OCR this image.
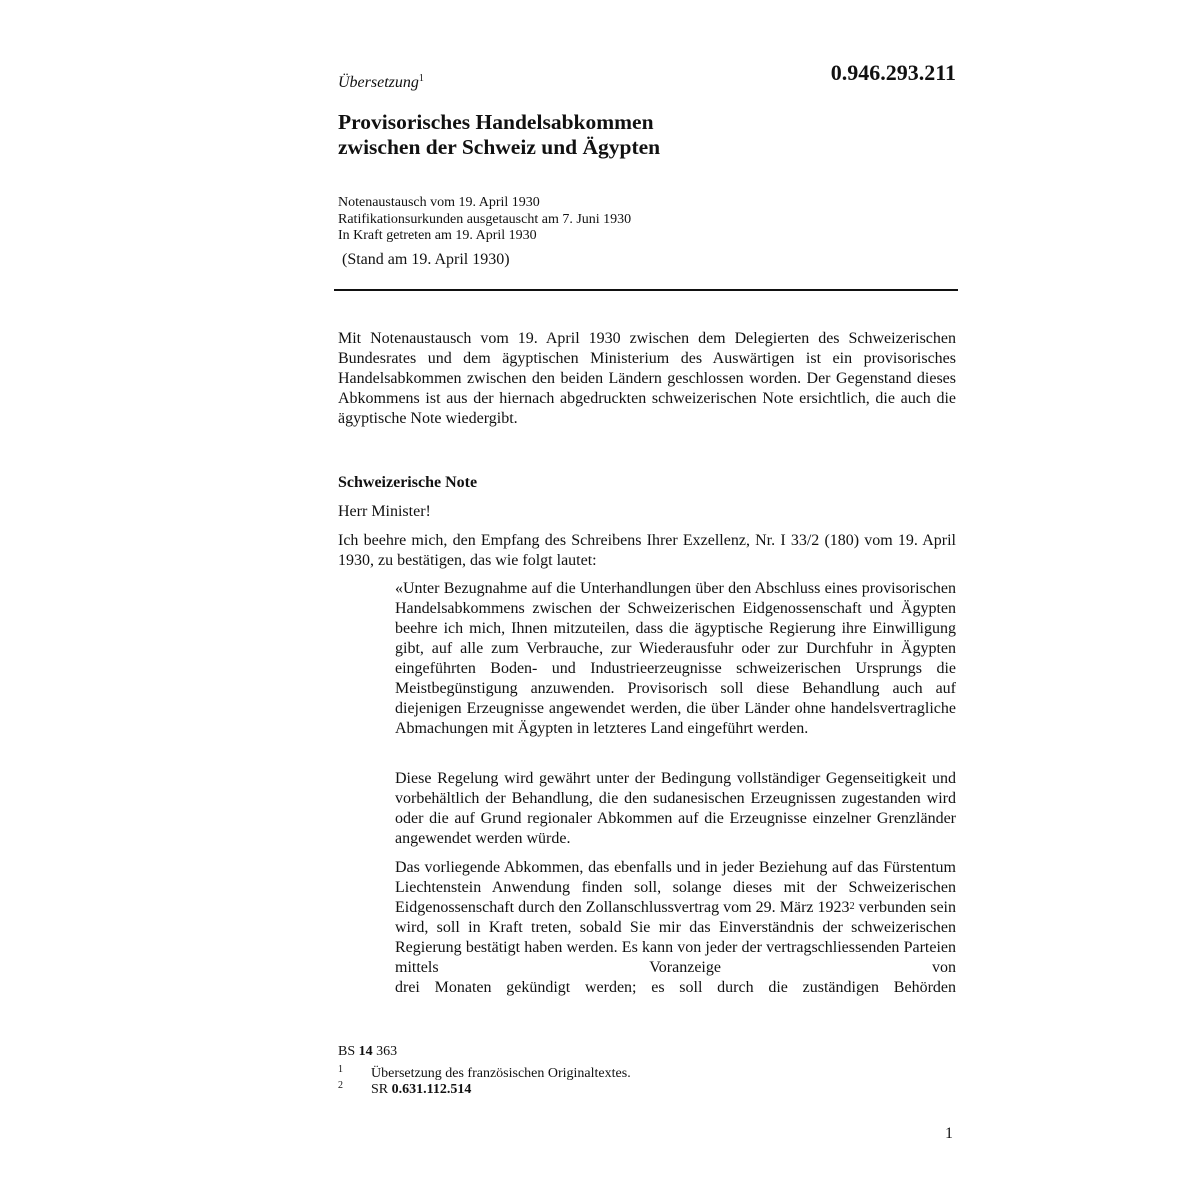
Übersetzung$^1$	0.946.293.211
Provisorisches Handelsabkommen
zwischen der Schweiz und Ägypten
Notenaustausch vom 19. April 1930
Ratifikationsurkunden ausgetauscht am 7. Juni 1930
In Kraft getreten am 19. April 1930
(Stand am 19. April 1930)
Mit Notenaustausch vom 19. April 1930 zwischen dem Delegierten des Schweizerischen Bundesrates und dem ägyptischen Ministerium des Auswärtigen ist ein provisorisches Handelsabkommen zwischen den beiden Ländern geschlossen worden. Der Gegenstand dieses Abkommens ist aus der hiernach abgedruckten schweizerischen Note ersichtlich, die auch die ägyptische Note wiedergibt.
Schweizerische Note
Herr Minister!
Ich beehre mich, den Empfang des Schreibens Ihrer Exzellenz, Nr. I 33/2 (180) vom 19. April 1930, zu bestätigen, das wie folgt lautet:
«Unter Bezugnahme auf die Unterhandlungen über den Abschluss eines provisorischen Handelsabkommens zwischen der Schweizerischen Eidgenossenschaft und Ägypten beehre ich mich, Ihnen mitzuteilen, dass die ägyptische Regierung ihre Einwilligung gibt, auf alle zum Verbrauche, zur Wiederausfuhr oder zur Durchfuhr in Ägypten eingeführten Boden- und Industrieerzeugnisse schweizerischen Ursprungs die Meistbegünstigung anzuwenden. Provisorisch soll diese Behandlung auch auf diejenigen Erzeugnisse angewendet werden, die über Länder ohne handelsvertragliche Abmachungen mit Ägypten in letzteres Land eingeführt werden.
Diese Regelung wird gewährt unter der Bedingung vollständiger Gegenseitigkeit und vorbehältlich der Behandlung, die den sudanesischen Erzeugnissen zugestanden wird oder die auf Grund regionaler Abkommen auf die Erzeugnisse einzelner Grenzländer angewendet werden würde.
Das vorliegende Abkommen, das ebenfalls und in jeder Beziehung auf das Fürstentum Liechtenstein Anwendung finden soll, solange dieses mit der Schweizerischen Eidgenossenschaft durch den Zollanschlussvertrag vom 29. März 1923$^2$ verbunden sein wird, soll in Kraft treten, sobald Sie mir das Einverständnis der schweizerischen Regierung bestätigt haben werden. Es kann von jeder der vertragschliessenden Parteien mittels Voranzeige von
drei Monaten gekündigt werden; es soll durch die zuständigen Behörden
BS 14 363
1 Übersetzung des französischen Originaltextes.
2 SR 0.631.112.514
1
